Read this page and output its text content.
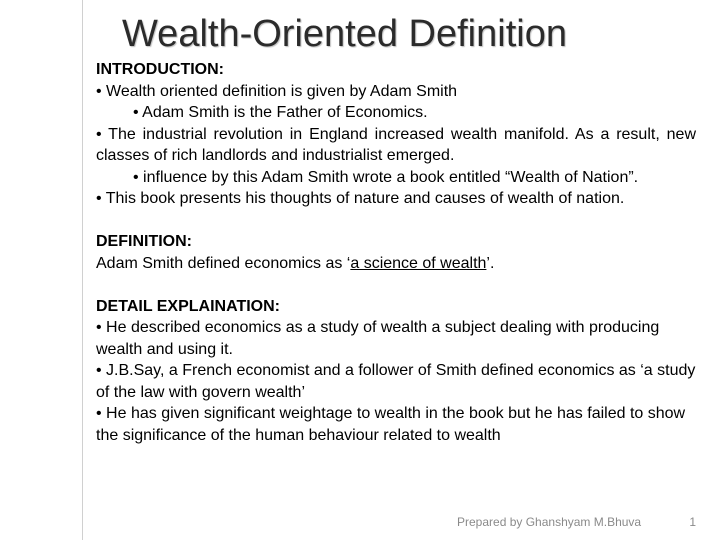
Wealth-Oriented Definition

INTRODUCTION:

• Wealth oriented definition is given by Adam Smith

• Adam Smith is the Father of Economics.

• The industrial revolution in England increased wealth manifold. As a result, new classes of rich landlords and industrialist emerged.

• influence by this Adam Smith wrote a book entitled “Wealth of Nation”.

• This book presents his thoughts of nature and causes of wealth of nation.

DEFINITION:

Adam Smith defined economics as ‘a science of wealth’.

DETAIL EXPLAINATION:

• He described economics as a study of wealth a subject dealing with producing wealth and using it.

• J.B.Say, a French economist and a follower of Smith defined economics as ‘a study of the law with govern wealth’

• He has given significant weightage to wealth in the book but he has failed to show the significance of the human behaviour related to wealth

Prepared by Ghanshyam M.Bhuva	1
